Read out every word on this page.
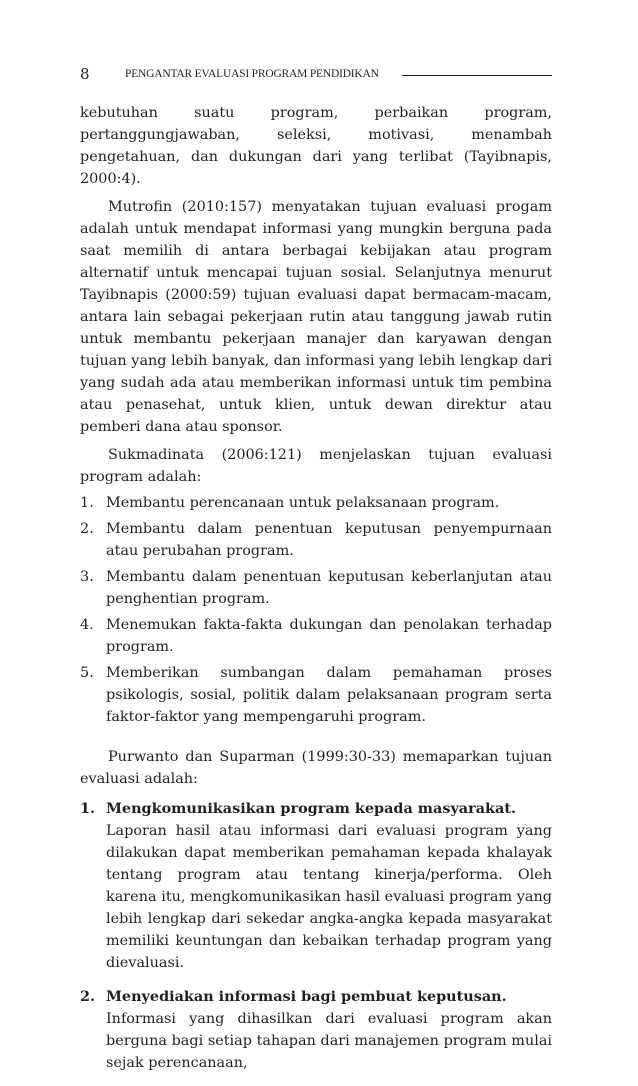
8	PENGANTAR EVALUASI PROGRAM PENDIDIKAN

kebutuhan suatu program, perbaikan program, pertanggungjawaban, seleksi, motivasi, menambah pengetahuan, dan dukungan dari yang terlibat (Tayibnapis, 2000:4).

Mutrofin (2010:157) menyatakan tujuan evaluasi progam adalah untuk mendapat informasi yang mungkin berguna pada saat memilih di antara berbagai kebijakan atau program alternatif untuk mencapai tujuan sosial. Selanjutnya menurut Tayibnapis (2000:59) tujuan evaluasi dapat bermacam-macam, antara lain sebagai pekerjaan rutin atau tanggung jawab rutin untuk membantu pekerjaan manajer dan karyawan dengan tujuan yang lebih banyak, dan informasi yang lebih lengkap dari yang sudah ada atau memberikan informasi untuk tim pembina atau penasehat, untuk klien, untuk dewan direktur atau pemberi dana atau sponsor.

Sukmadinata (2006:121) menjelaskan tujuan evaluasi program adalah:

1. Membantu perencanaan untuk pelaksanaan program.
2. Membantu dalam penentuan keputusan penyempurnaan atau perubahan program.
3. Membantu dalam penentuan keputusan keberlanjutan atau penghentian program.
4. Menemukan fakta-fakta dukungan dan penolakan terhadap program.
5. Memberikan sumbangan dalam pemahaman proses psikologis, sosial, politik dalam pelaksanaan program serta faktor-faktor yang mempengaruhi program.

Purwanto dan Suparman (1999:30-33) memaparkan tujuan evaluasi adalah:

1. Mengkomunikasikan program kepada masyarakat.
Laporan hasil atau informasi dari evaluasi program yang dilakukan dapat memberikan pemahaman kepada khalayak tentang program atau tentang kinerja/performa. Oleh karena itu, mengkomunikasikan hasil evaluasi program yang lebih lengkap dari sekedar angka-angka kepada masyarakat memiliki keuntungan dan kebaikan terhadap program yang dievaluasi.
2. Menyediakan informasi bagi pembuat keputusan.
Informasi yang dihasilkan dari evaluasi program akan berguna bagi setiap tahapan dari manajemen program mulai sejak perencanaan,
